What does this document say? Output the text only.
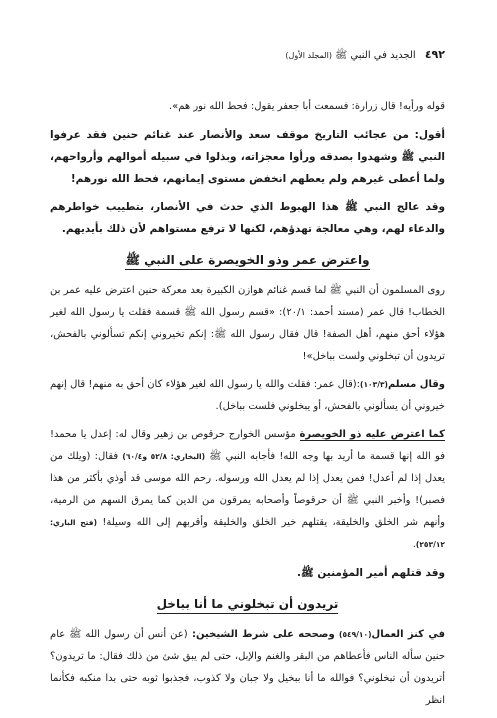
٤٩٢ الجديد في النبي ﷺ (المجلد الأول)

قوله ورأيه! قال زرارة: فسمعت أبا جعفر يقول: فحط الله نور هم».

أقول: من عجائب التاريخ موقف سعد والأنصار عند غنائم حنين فقد عرفوا النبي ﷺ وشهدوا بصدقه ورأوا معجزاته، وبذلوا في سبيله أموالهم وأرواحهم، ولما أعطى غيرهم ولم يعطهم انخفض مستوى إيمانهم، فحط الله نورهم!

وقد عالج النبي ﷺ هذا الهبوط الذي حدث في الأنصار، بتطييب خواطرهم والدعاء لهم، وهي معالجة تهدؤهم، لكنها لا ترفع مستواهم لأن ذلك بأيديهم.

واعترض عمر وذو الخويصرة على النبي ﷺ

روى المسلمون أن النبي ﷺ لما قسم غنائم هوازن الكبيرة بعد معركة حنين اعترض عليه عمر بن الخطاب! قال عمر (مسند أحمد: ٢٠/١): «قسم رسول الله ﷺ قسمة فقلت يا رسول الله لغير هؤلاء أحق منهم، أهل الصفة! قال فقال رسول الله ﷺ: إنكم تخيروني إنكم تسألوني بالفحش، تريدون أن تبخلوني ولست بباخل»!

وقال مسلم(١٠٣/٣):(قال عمر: فقلت والله يا رسول الله لغير هؤلاء كان أحق به منهم! قال إنهم خيروني أن يسألوني بالفحش، أو يبخلوني فلست بباخل).

كما اعترض عليه ذو الخويصرة مؤسس الخوارج حرقوص بن زهير وقال له: إعدل يا محمد! فو الله إنها قسمة ما أريد بها وجه الله! فأجابه النبي ﷺ (البخاري: ٥٢/٨ و٦٠/٤) فقال: (ويلك من يعدل إذا لم أعدل! فمن يعدل إذا لم يعدل الله ورسوله. رحم الله موسى قد أوذي بأكثر من هذا فصبر)! وأخبر النبي ﷺ أن حرقوصاً وأصحابه يمرقون من الدين كما يمرق السهم من الرمية، وأنهم شر الخلق والخليقة، يقتلهم خير الخلق والخليقة وأقربهم إلى الله وسيلة! (فتح الباري: ٢٥٣/١٢).

وقد قتلهم أمير المؤمنين ﷺ.

تريدون أن تبخلوني ما أنا بباخل

في كنز العمال(٥٤٩/١٠) وصححه على شرط الشيخين: (عن أنس أن رسول الله ﷺ عام حنين سأله الناس فأعطاهم من البقر والغنم والإبل، حتى لم يبق شئ من ذلك فقال: ما تريدون؟ أتريدون أن تبخلوني؟ فوالله ما أنا ببخيل ولا جبان ولا كذوب، فجذبوا ثوبه حتى بدا منكبه فكأنما انظر
